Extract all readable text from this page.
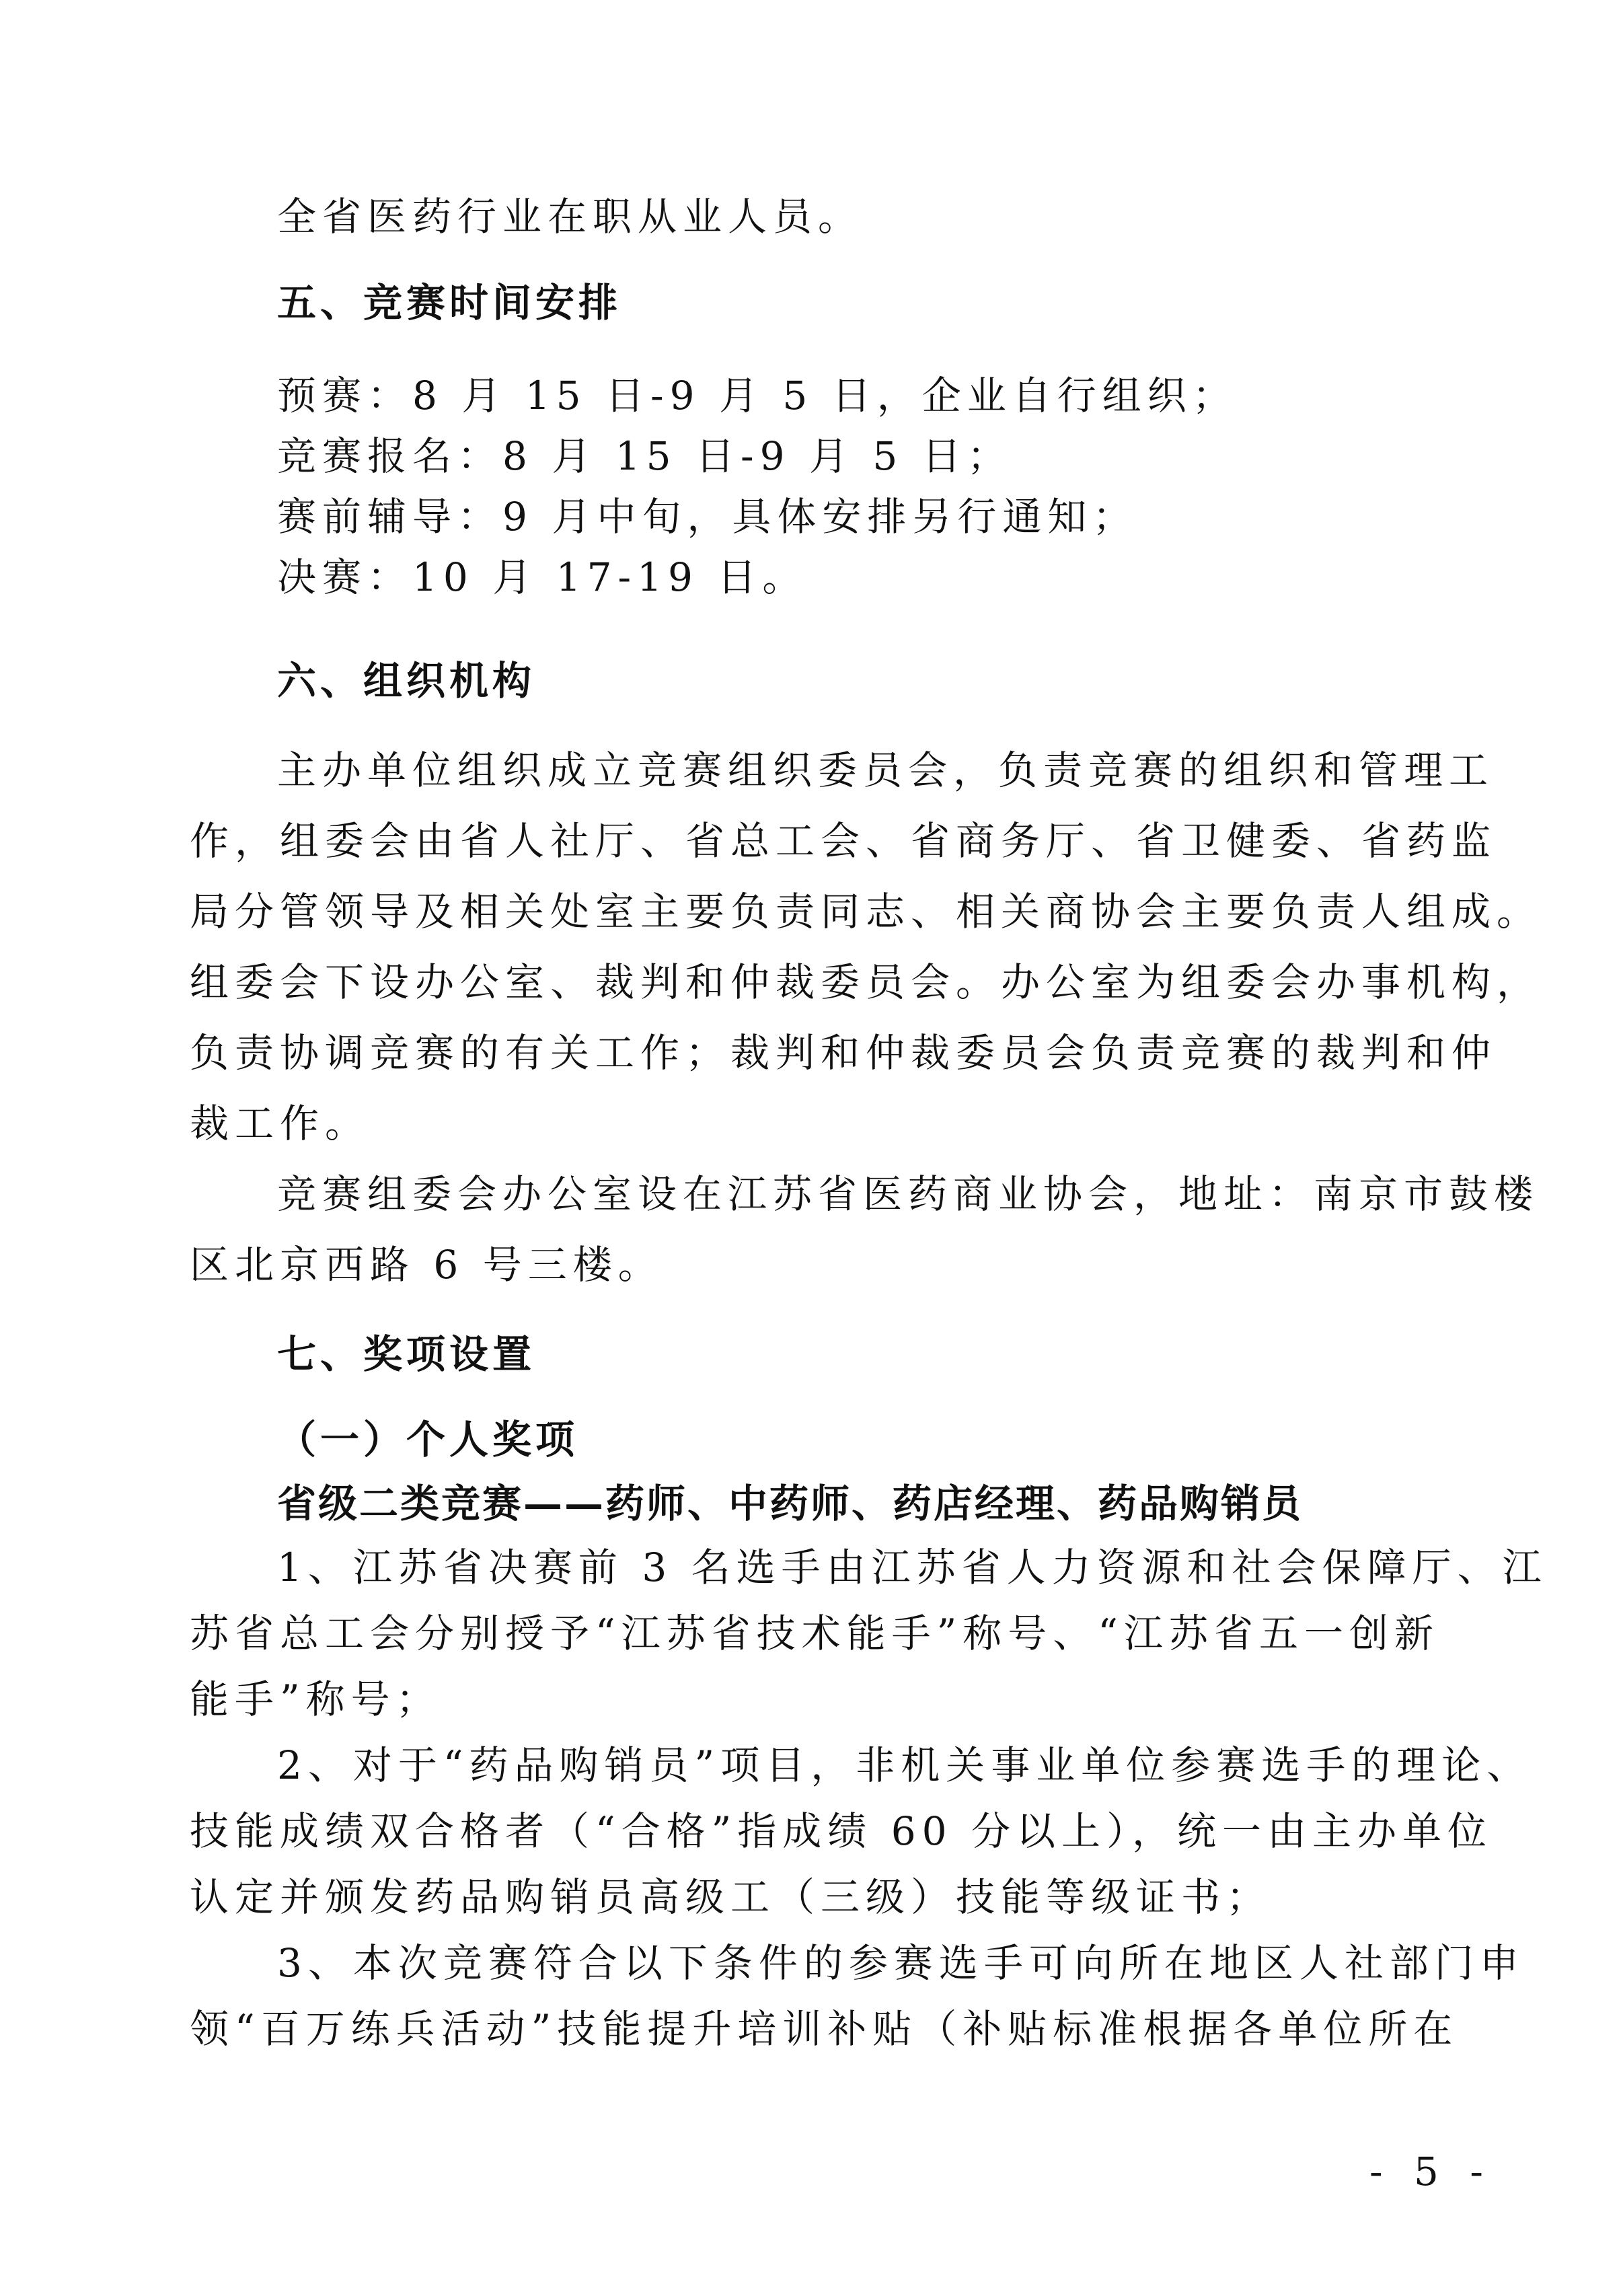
全省医药行业在职从业人员。
五、竞赛时间安排
预赛：8 月 15 日-9 月 5 日，企业自行组织；
竞赛报名：8 月 15 日-9 月 5 日；
赛前辅导：9 月中旬，具体安排另行通知；
决赛：10 月 17-19 日。
六、组织机构
主办单位组织成立竞赛组织委员会，负责竞赛的组织和管理工
作，组委会由省人社厅、省总工会、省商务厅、省卫健委、省药监
局分管领导及相关处室主要负责同志、相关商协会主要负责人组成。
组委会下设办公室、裁判和仲裁委员会。办公室为组委会办事机构，
负责协调竞赛的有关工作；裁判和仲裁委员会负责竞赛的裁判和仲
裁工作。
竞赛组委会办公室设在江苏省医药商业协会，地址：南京市鼓楼
区北京西路 6 号三楼。
七、奖项设置
（一）个人奖项
省级二类竞赛——药师、中药师、药店经理、药品购销员
1、江苏省决赛前 3 名选手由江苏省人力资源和社会保障厅、江
苏省总工会分别授予“江苏省技术能手”称号、“江苏省五一创新
能手”称号；
2、对于“药品购销员”项目，非机关事业单位参赛选手的理论、
技能成绩双合格者（“合格”指成绩 60 分以上），统一由主办单位
认定并颁发药品购销员高级工（三级）技能等级证书；
3、本次竞赛符合以下条件的参赛选手可向所在地区人社部门申
领“百万练兵活动”技能提升培训补贴（补贴标准根据各单位所在
- 5 -
